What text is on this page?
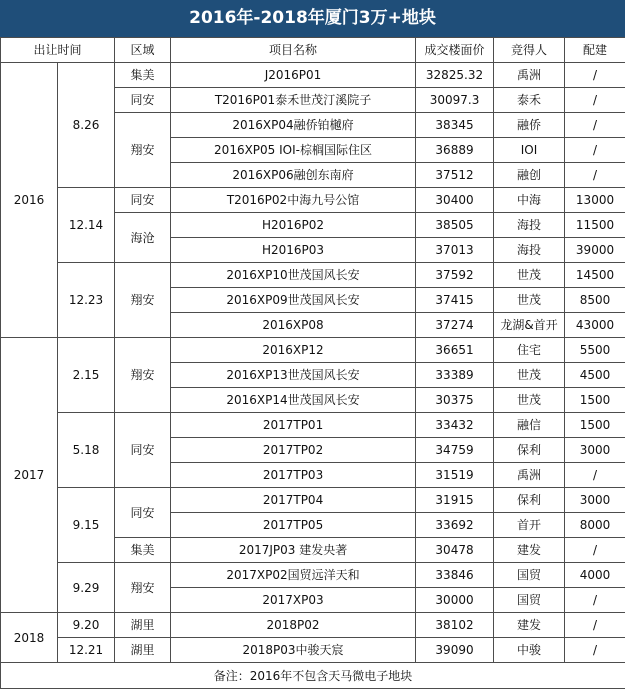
2016年-2018年厦门3万+地块
出让时间		区域	项目名称	成交楼面价	竞得人	配建
2016	8.26	集美	J2016P01	32825.32	禹洲	/
		同安	T2016P01泰禾世茂汀溪院子	30097.3	泰禾	/
		翔安	2016XP04融侨铂樾府	38345	融侨	/
			2016XP05 IOI-棕榈国际住区	36889	IOI	/
			2016XP06融创东南府	37512	融创	/
	12.14	同安	T2016P02中海九号公馆	30400	中海	13000
		海沧	H2016P02	38505	海投	11500
			H2016P03	37013	海投	39000
	12.23	翔安	2016XP10世茂国风长安	37592	世茂	14500
			2016XP09世茂国风长安	37415	世茂	8500
			2016XP08	37274	龙湖&首开	43000
2017	2.15	翔安	2016XP12	36651	住宅	5500
			2016XP13世茂国风长安	33389	世茂	4500
			2016XP14世茂国风长安	30375	世茂	1500
	5.18	同安	2017TP01	33432	融信	1500
			2017TP02	34759	保利	3000
			2017TP03	31519	禹洲	/
	9.15	同安	2017TP04	31915	保利	3000
			2017TP05	33692	首开	8000
		集美	2017JP03 建发央著	30478	建发	/
	9.29	翔安	2017XP02国贸远洋天和	33846	国贸	4000
			2017XP03	30000	国贸	/
2018	9.20	湖里	2018P02	38102	建发	/
	12.21	湖里	2018P03中骏天宸	39090	中骏	/
备注：2016年不包含天马微电子地块						
